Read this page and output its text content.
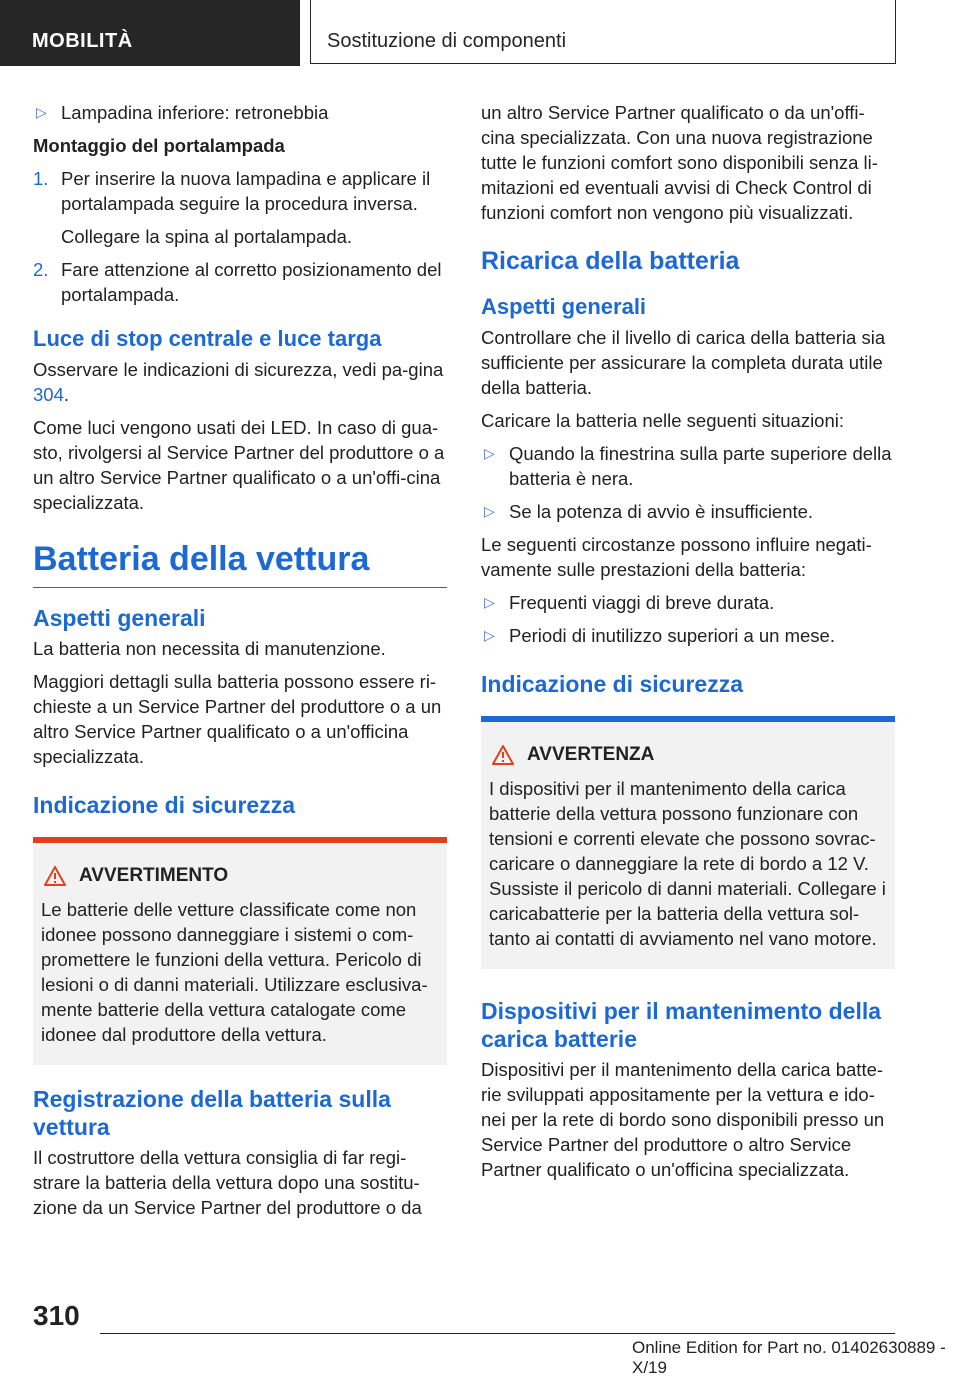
MOBILITÀ	Sostituzione di componenti
▷ Lampadina inferiore: retronebbia
Montaggio del portalampada
1. Per inserire la nuova lampadina e applicare il portalampada seguire la procedura inversa.
Collegare la spina al portalampada.
2. Fare attenzione al corretto posizionamento del portalampada.
Luce di stop centrale e luce targa

Osservare le indicazioni di sicurezza, vedi pa-gina 304.

Come luci vengono usati dei LED. In caso di gua-sto, rivolgersi al Service Partner del produttore o a un altro Service Partner qualificato o a un'offi-cina specializzata.

Batteria della vettura
Aspetti generali

La batteria non necessita di manutenzione.

Maggiori dettagli sulla batteria possono essere ri-chieste a un Service Partner del produttore o a un altro Service Partner qualificato o a un'officina specializzata.

Indicazione di sicurezza
AVVERTIMENTO

Le batterie delle vetture classificate come non idonee possono danneggiare i sistemi o com-promettere le funzioni della vettura. Pericolo di lesioni o di danni materiali. Utilizzare esclusiva-mente batterie della vettura catalogate come idonee dal produttore della vettura.

Registrazione della batteria sulla vettura

Il costruttore della vettura consiglia di far regi-strare la batteria della vettura dopo una sostitu-zione da un Service Partner del produttore o da

un altro Service Partner qualificato o da un'offi-cina specializzata. Con una nuova registrazione tutte le funzioni comfort sono disponibili senza li-mitazioni ed eventuali avvisi di Check Control di funzioni comfort non vengono più visualizzati.

Ricarica della batteria
Aspetti generali

Controllare che il livello di carica della batteria sia sufficiente per assicurare la completa durata utile della batteria.

Caricare la batteria nelle seguenti situazioni:

▷ Quando la finestrina sulla parte superiore della batteria è nera.
▷ Se la potenza di avvio è insufficiente.

Le seguenti circostanze possono influire negati-vamente sulle prestazioni della batteria:

▷ Frequenti viaggi di breve durata.
▷ Periodi di inutilizzo superiori a un mese.
Indicazione di sicurezza
AVVERTENZA

I dispositivi per il mantenimento della carica batterie della vettura possono funzionare con tensioni e correnti elevate che possono sovrac-caricare o danneggiare la rete di bordo a 12 V. Sussiste il pericolo di danni materiali. Collegare i caricabatterie per la batteria della vettura sol-tanto ai contatti di avviamento nel vano motore.

Dispositivi per il mantenimento della carica batterie

Dispositivi per il mantenimento della carica batte-rie sviluppati appositamente per la vettura e ido-nei per la rete di bordo sono disponibili presso un Service Partner del produttore o altro Service Partner qualificato o un'officina specializzata.

310
Online Edition for Part no. 01402630889 - X/19
